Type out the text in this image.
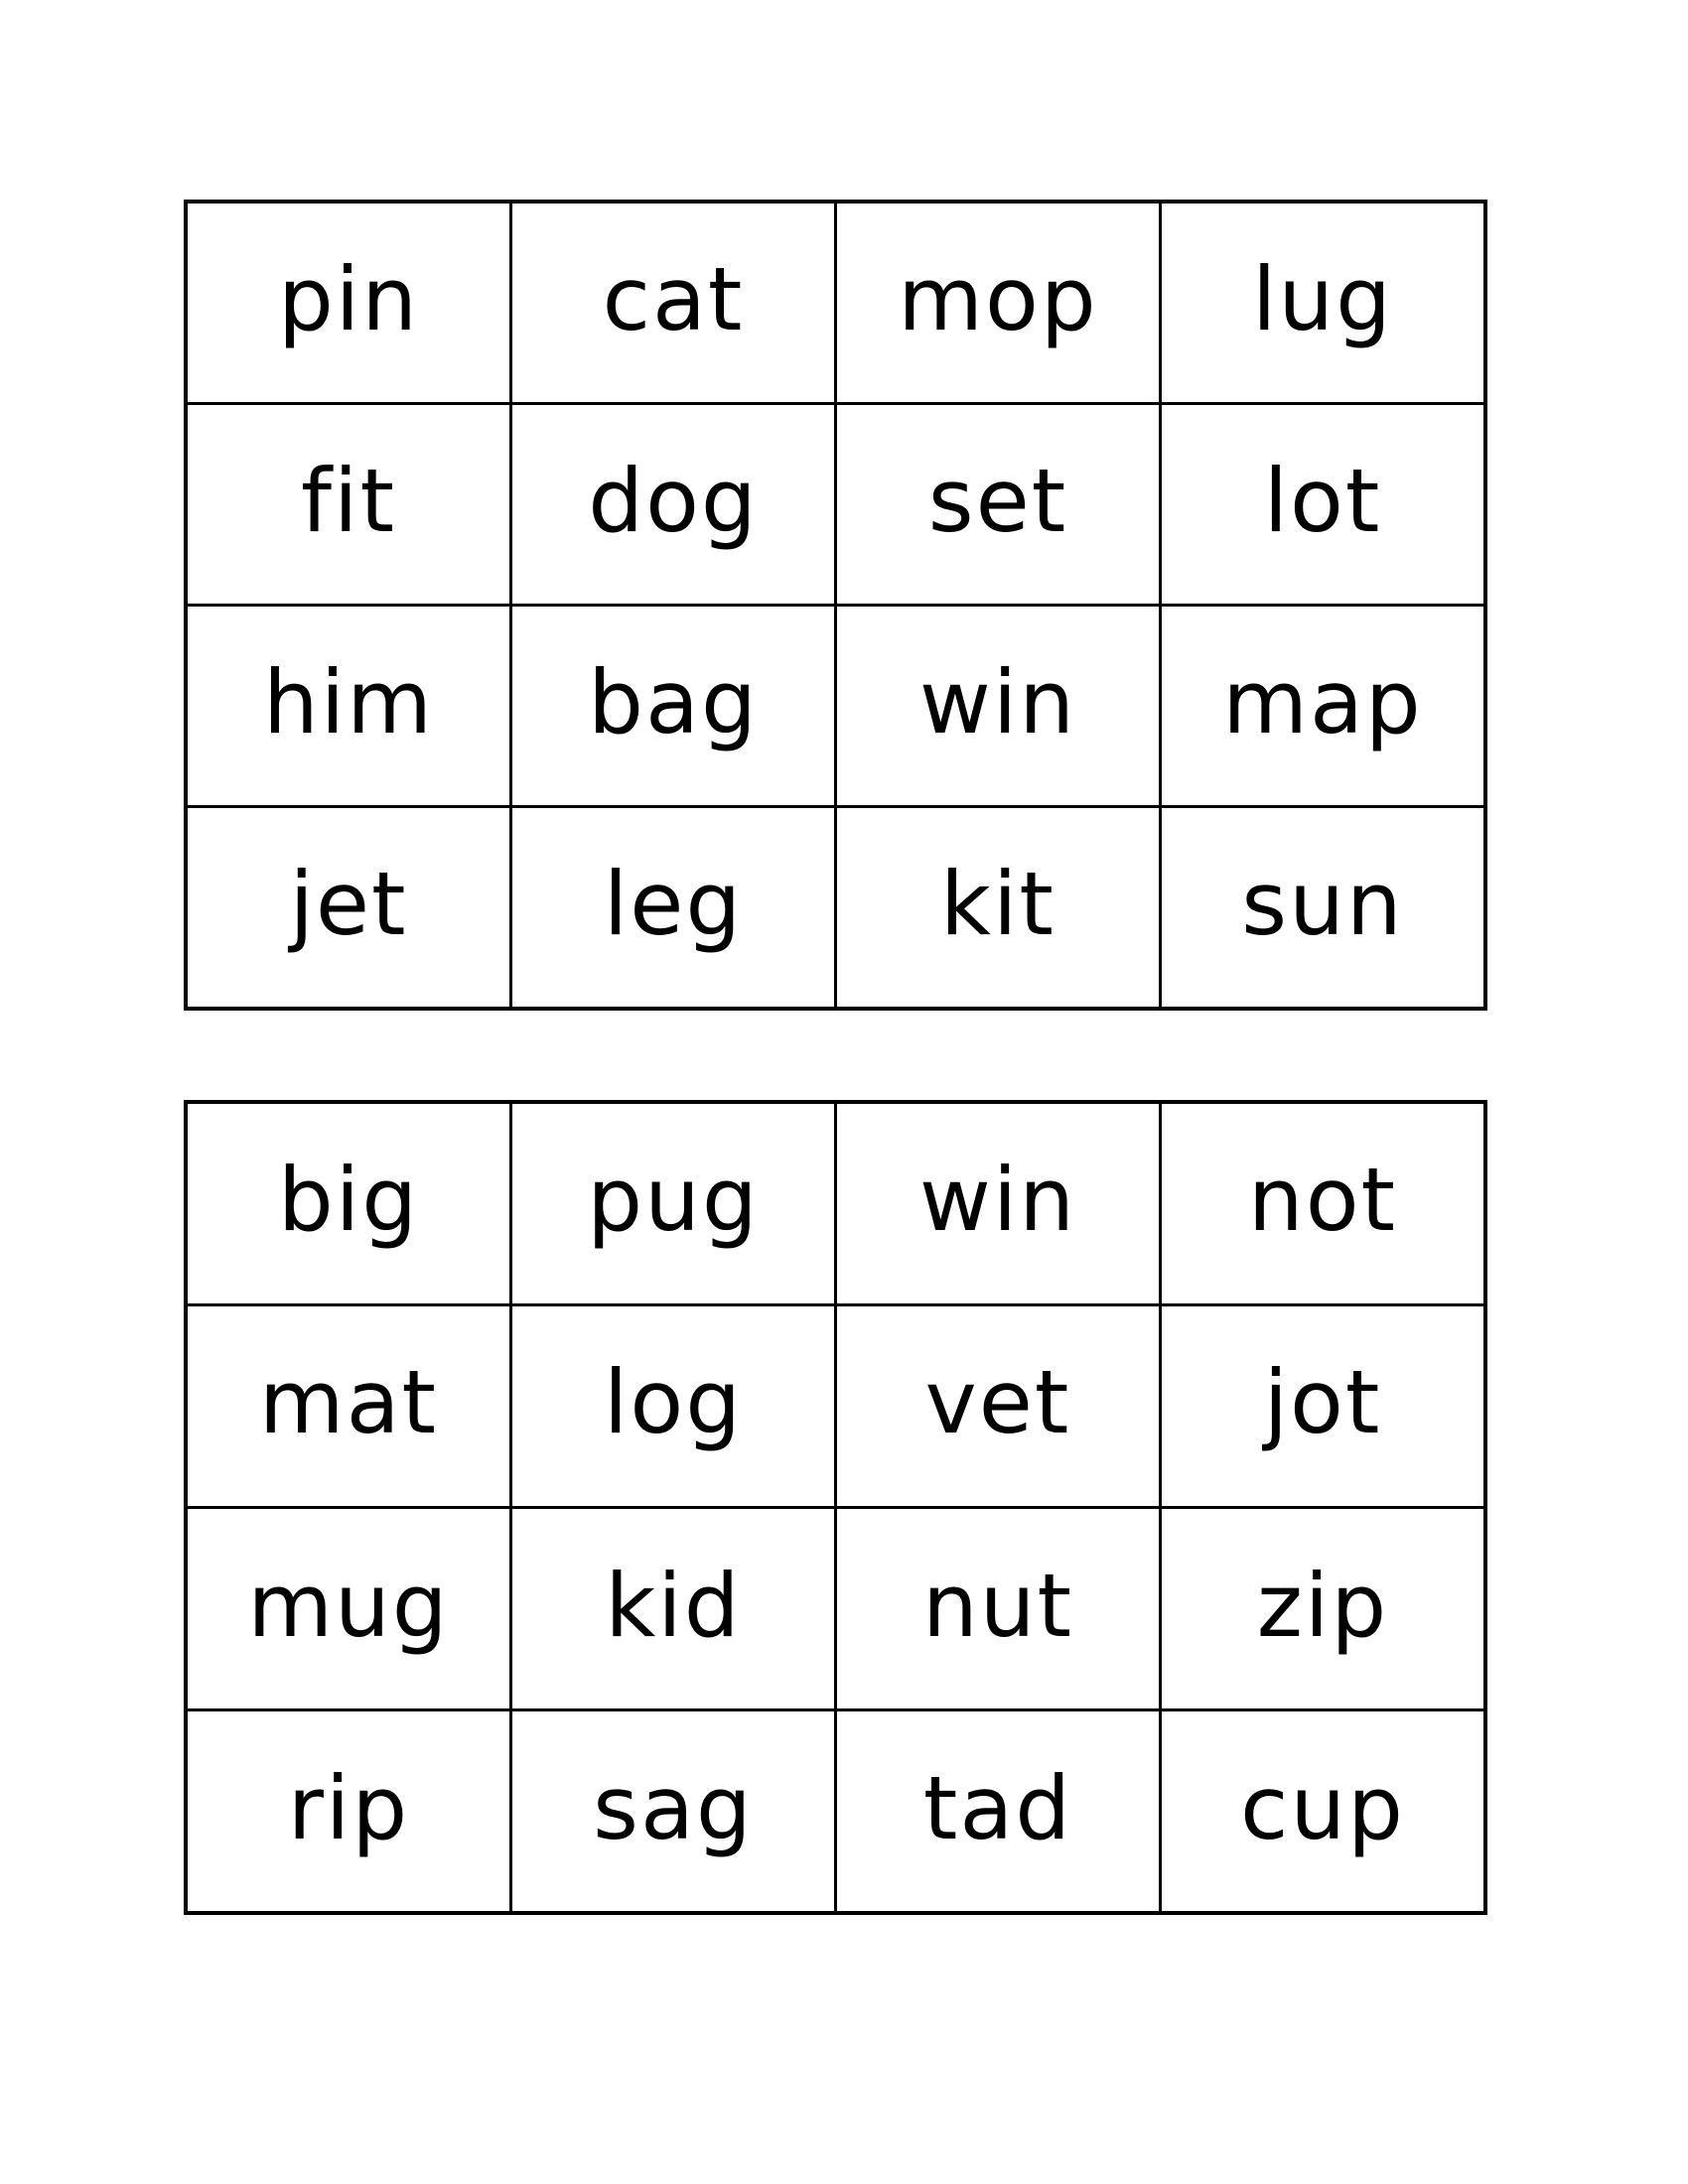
pin	cat	mop	lug
fit	dog	set	lot
him	bag	win	map
jet	leg	kit	sun
big	pug	win	not
mat	log	vet	jot
mug	kid	nut	zip
rip	sag	tad	cup
